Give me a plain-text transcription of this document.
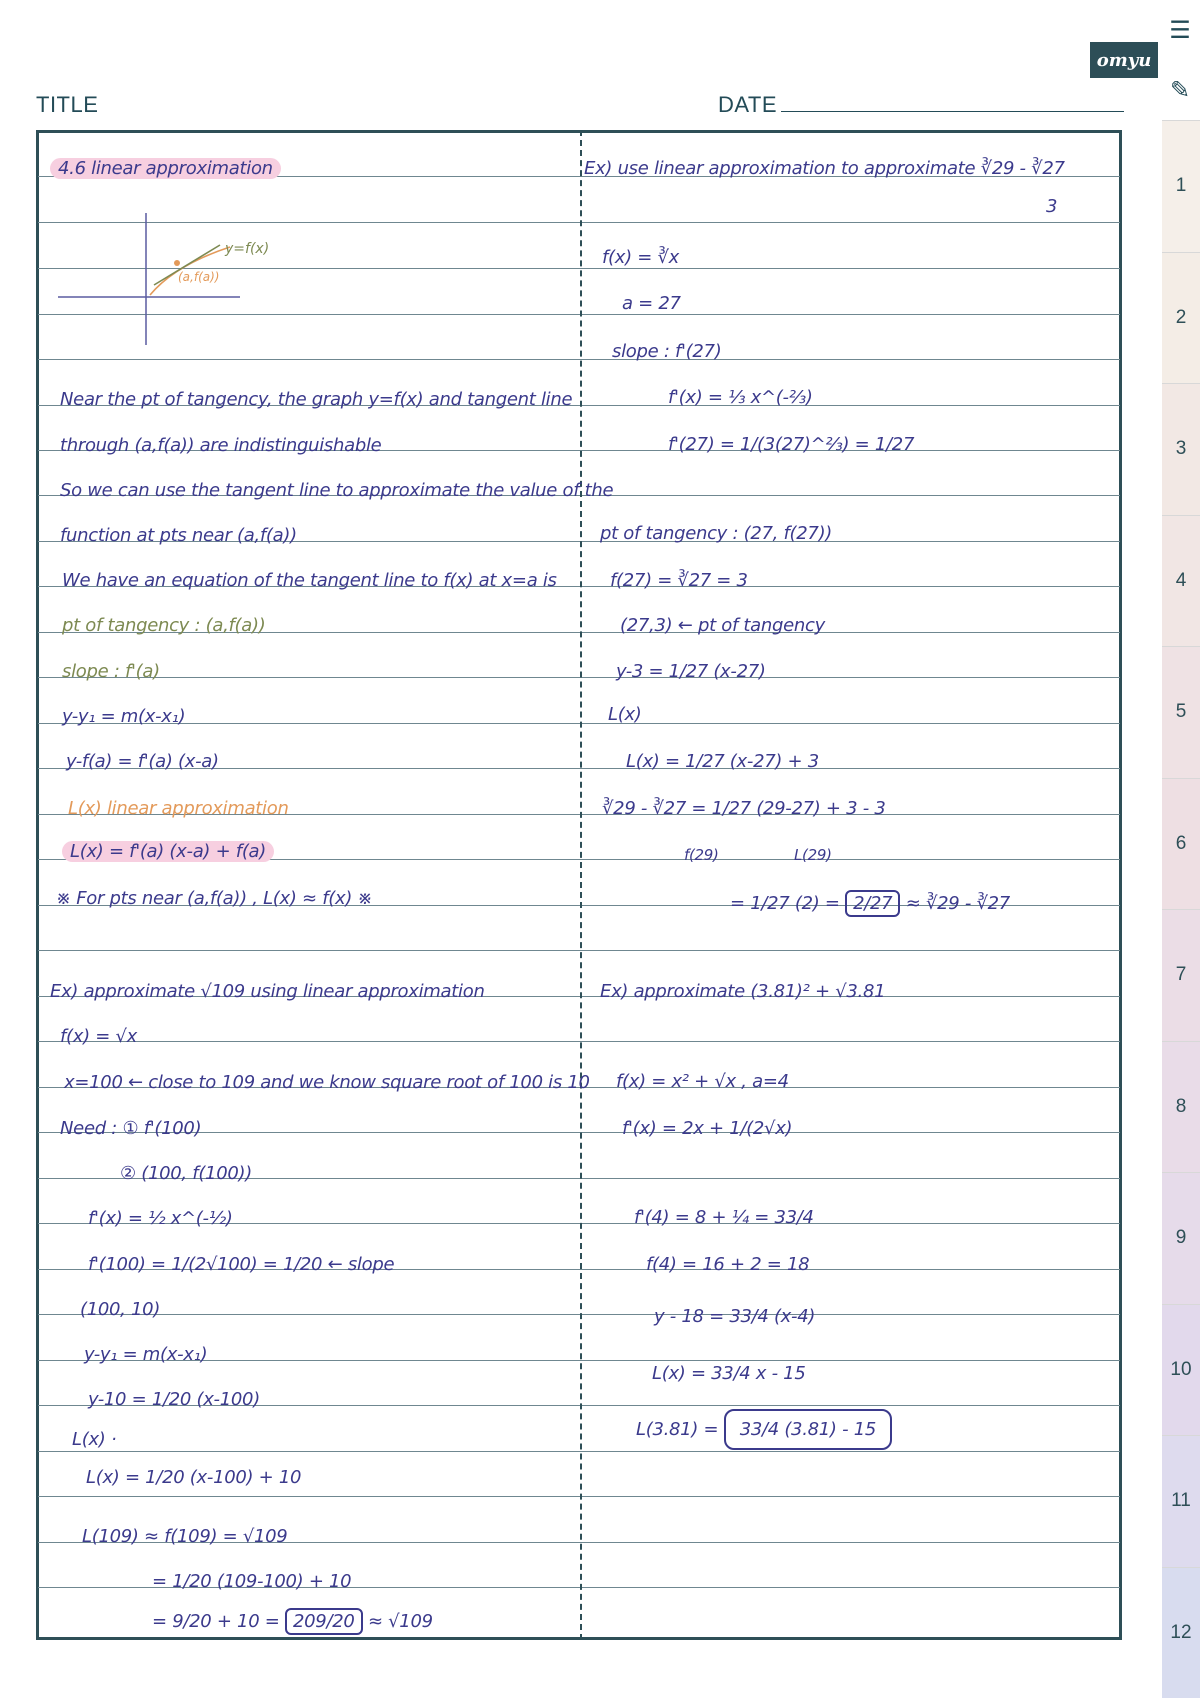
TITLE	DATE
omyu
4.6 linear approximation
y=f(x)
(a,f(a))
Near the pt of tangency, the graph y=f(x) and tangent line
through (a,f(a)) are indistinguishable
So we can use the tangent line to approximate the value of the
function at pts near (a,f(a))
We have an equation of the tangent line to f(x) at x=a is
pt of tangency : (a,f(a))
slope : f'(a)
y-y₁ = m(x-x₁)
y-f(a) = f'(a) (x-a)
L(x) linear approximation
L(x) = f'(a) (x-a) + f(a)
※ For pts near (a,f(a)) , L(x) ≈ f(x) ※
Ex) approximate √109 using linear approximation
f(x) = √x
x=100 ← close to 109 and we know square root of 100 is 10
Need : ① f'(100)
② (100, f(100))
f'(x) = ½ x^(-½)
f'(100) = 1/(2√100) = 1/20 ← slope
(100, 10)
y-y₁ = m(x-x₁)
y-10 = 1/20 (x-100)
L(x) ·
L(x) = 1/20 (x-100) + 10
L(109) ≈ f(109) = √109
= 1/20 (109-100) + 10
= 9/20 + 10 = 209/20 ≈ √109
Ex) use linear approximation to approximate ∛29 - ∛27
3
f(x) = ∛x
a = 27
slope : f'(27)
f'(x) = ⅓ x^(-⅔)
f'(27) = 1/(3(27)^⅔) = 1/27
pt of tangency : (27, f(27))
f(27) = ∛27 = 3
(27,3) ← pt of tangency
y-3 = 1/27 (x-27)
L(x)
L(x) = 1/27 (x-27) + 3
∛29 - ∛27 = 1/27 (29-27) + 3 - 3
f(29)	L(29)
= 1/27 (2) = 2/27 ≈ ∛29 - ∛27
Ex) approximate (3.81)² + √3.81
f(x) = x² + √x , a=4
f'(x) = 2x + 1/(2√x)
f'(4) = 8 + ¼ = 33/4
f(4) = 16 + 2 = 18
y - 18 = 33/4 (x-4)
L(x) = 33/4 x - 15
L(3.81) = 33/4 (3.81) - 15
☰
✎
1
2
3
4
5
6
7
8
9
10
11
12
